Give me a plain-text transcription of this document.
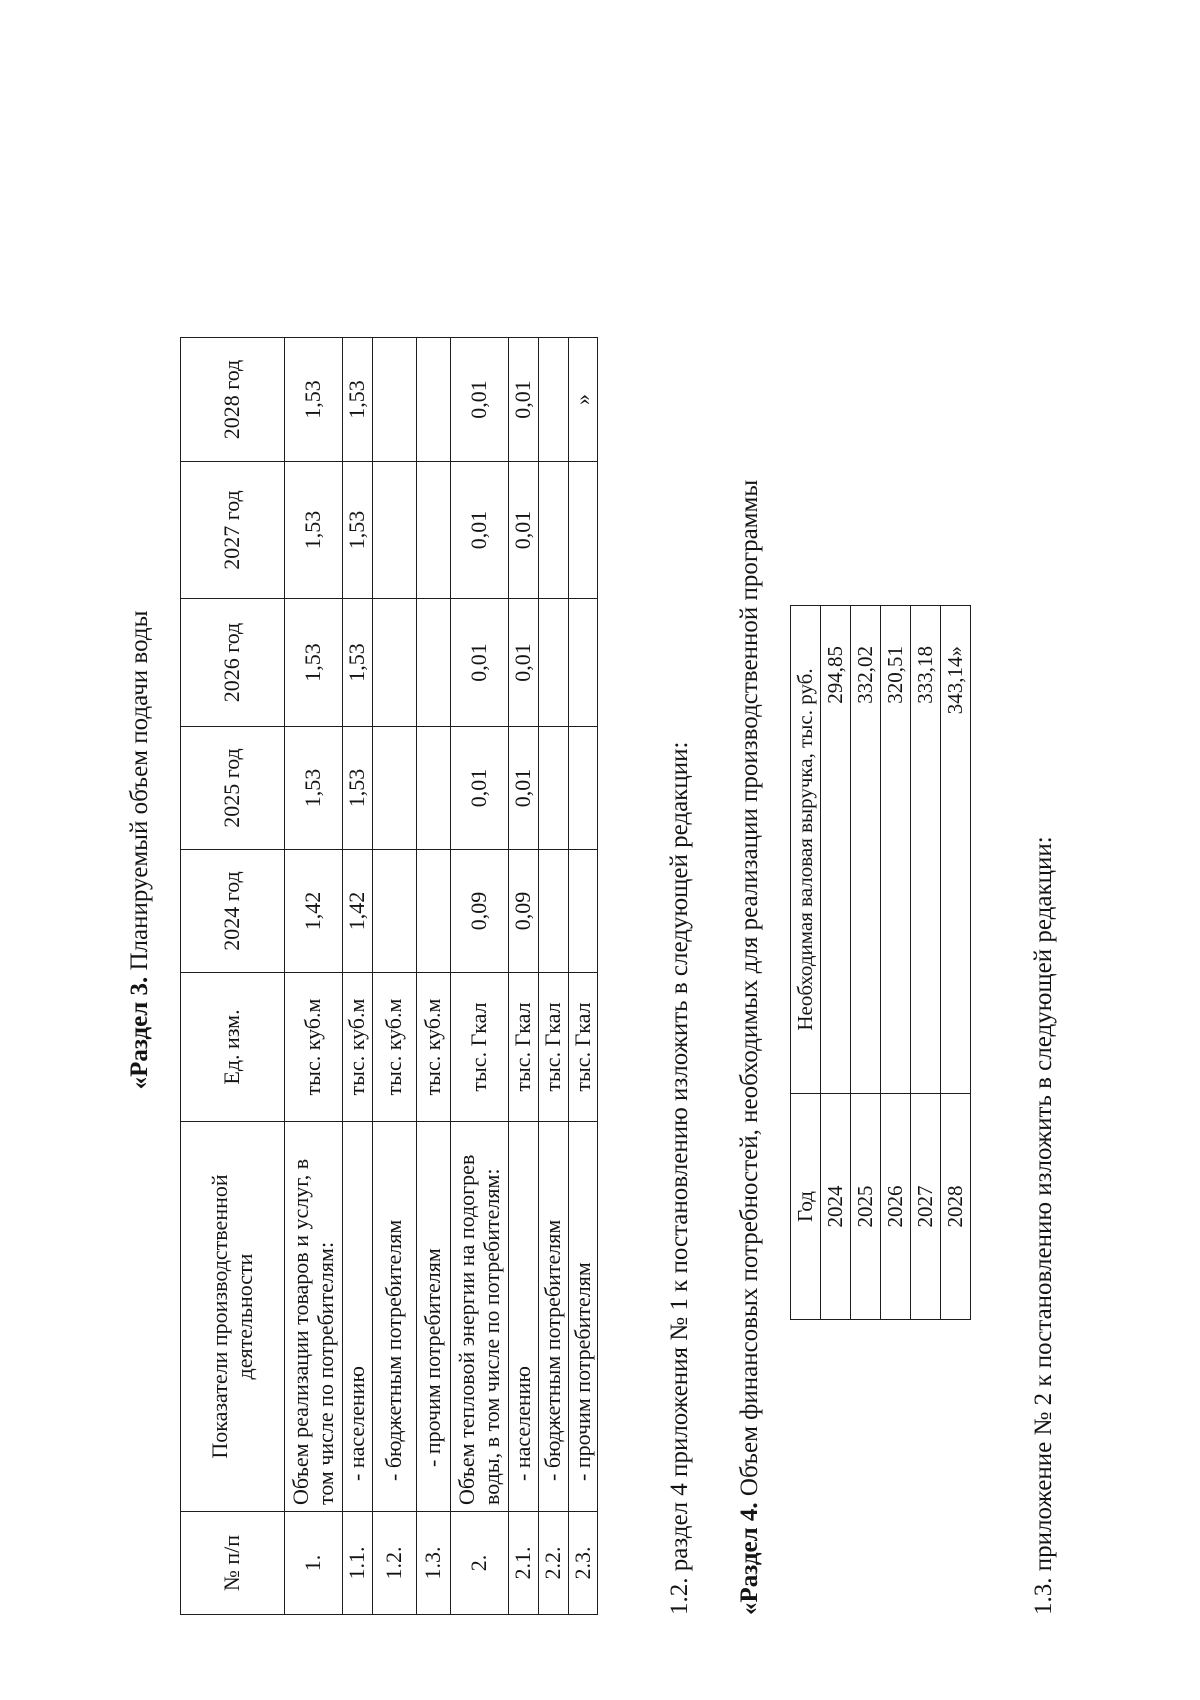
«Раздел 3. Планируемый объем подачи воды
№ п/п	Показатели производственной деятельности	Ед. изм.	2024 год	2025 год	2026 год	2027 год	2028 год
1.	Объем реализации товаров и услуг, в том числе по потребителям:	тыс. куб.м	1,42	1,53	1,53	1,53	1,53
1.1.	- населению	тыс. куб.м	1,42	1,53	1,53	1,53	1,53
1.2.	- бюджетным потребителям	тыс. куб.м					
1.3.	- прочим потребителям	тыс. куб.м					
2.	Объем тепловой энергии на подогрев воды, в том числе по потребителям:	тыс. Гкал	0,09	0,01	0,01	0,01	0,01
2.1.	- населению	тыс. Гкал	0,09	0,01	0,01	0,01	0,01
2.2.	- бюджетным потребителям	тыс. Гкал					
2.3.	- прочим потребителям	тыс. Гкал					»
1.2. раздел 4 приложения № 1 к постановлению изложить в следующей редакции: «Раздел 4. Объем финансовых потребностей, необходимых для реализации производственной программы Год	Необходимая валовая выручка, тыс. руб.
2024	294,85
2025	332,02
2026	320,51
2027	333,18
2028	343,14»
1.3. приложение № 2 к постановлению изложить в следующей редакции:
